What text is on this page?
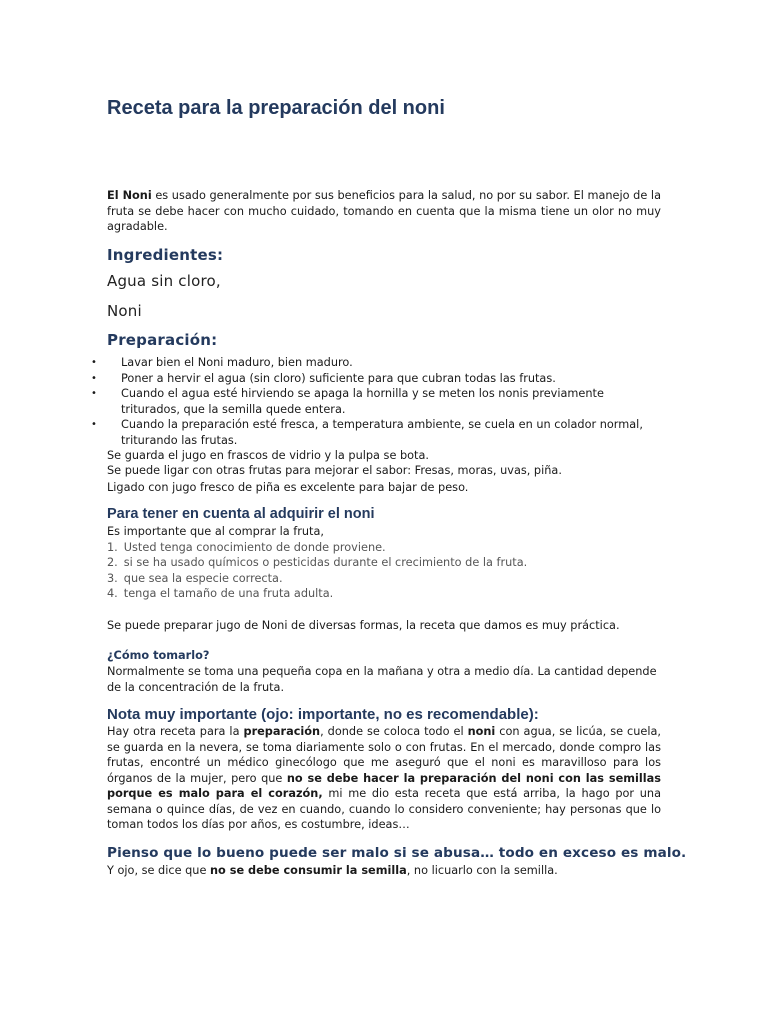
Receta para la preparación del noni

El Noni es usado generalmente por sus beneficios para la salud, no por su sabor. El manejo de la fruta se debe hacer con mucho cuidado, tomando en cuenta que la misma tiene un olor no muy agradable.

Ingredientes:
Agua sin cloro,
Noni
Preparación:
• Lavar bien el Noni maduro, bien maduro.
• Poner a hervir el agua (sin cloro) suficiente para que cubran todas las frutas.
• Cuando el agua esté hirviendo se apaga la hornilla y se meten los nonis previamente triturados, que la semilla quede entera.
• Cuando la preparación esté fresca, a temperatura ambiente, se cuela en un colador normal, triturando las frutas.

Se guarda el jugo en frascos de vidrio y la pulpa se bota.

Se puede ligar con otras frutas para mejorar el sabor: Fresas, moras, uvas, piña.

Ligado con jugo fresco de piña es excelente para bajar de peso.

Para tener en cuenta al adquirir el noni

Es importante que al comprar la fruta,

1. Usted tenga conocimiento de donde proviene.
2. si se ha usado químicos o pesticidas durante el crecimiento de la fruta.
3. que sea la especie correcta.
4. tenga el tamaño de una fruta adulta.

Se puede preparar jugo de Noni de diversas formas, la receta que damos es muy práctica.

¿Cómo tomarlo?

Normalmente se toma una pequeña copa en la mañana y otra a medio día. La cantidad depende de la concentración de la fruta.

Nota muy importante (ojo: importante, no es recomendable):

Hay otra receta para la preparación, donde se coloca todo el noni con agua, se licúa, se cuela, se guarda en la nevera, se toma diariamente solo o con frutas. En el mercado, donde compro las frutas, encontré un médico ginecólogo que me aseguró que el noni es maravilloso para los órganos de la mujer, pero que no se debe hacer la preparación del noni con las semillas porque es malo para el corazón, mi me dio esta receta que está arriba, la hago por una semana o quince días, de vez en cuando, cuando lo considero conveniente; hay personas que lo toman todos los días por años, es costumbre, ideas…

Pienso que lo bueno puede ser malo si se abusa… todo en exceso es malo.

Y ojo, se dice que no se debe consumir la semilla, no licuarlo con la semilla.
